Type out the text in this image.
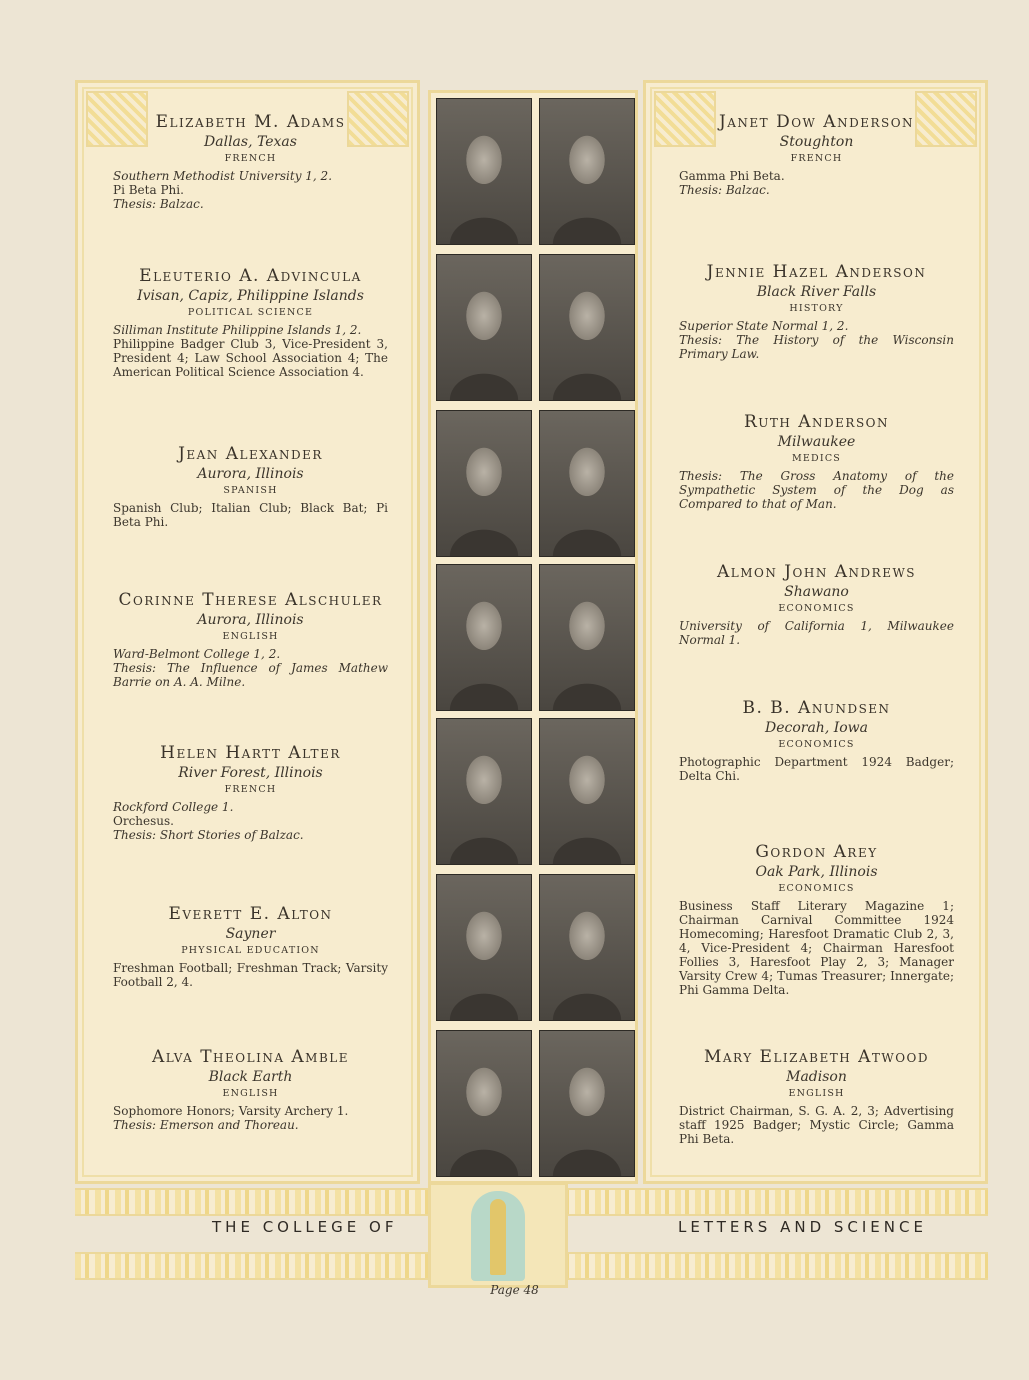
Elizabeth M. Adams
Dallas, Texas
FRENCH
Southern Methodist University 1, 2.
Pi Beta Phi.
Thesis: Balzac.
Eleuterio A. Advincula
Ivisan, Capiz, Philippine Islands
POLITICAL SCIENCE
Silliman Institute Philippine Islands 1, 2.
Philippine Badger Club 3, Vice-President 3, President 4; Law School Association 4; The American Political Science Association 4.
Jean Alexander
Aurora, Illinois
SPANISH
Spanish Club; Italian Club; Black Bat; Pi Beta Phi.
Corinne Therese Alschuler
Aurora, Illinois
ENGLISH
Ward-Belmont College 1, 2.
Thesis: The Influence of James Mathew Barrie on A. A. Milne.
Helen Hartt Alter
River Forest, Illinois
FRENCH
Rockford College 1.
Orchesus.
Thesis: Short Stories of Balzac.
Everett E. Alton
Sayner
PHYSICAL EDUCATION
Freshman Football; Freshman Track; Varsity Football 2, 4.
Alva Theolina Amble
Black Earth
ENGLISH
Sophomore Honors; Varsity Archery 1.
Thesis: Emerson and Thoreau.
Janet Dow Anderson
Stoughton
FRENCH
Gamma Phi Beta.
Thesis: Balzac.
Jennie Hazel Anderson
Black River Falls
HISTORY
Superior State Normal 1, 2.
Thesis: The History of the Wisconsin Primary Law.
Ruth Anderson
Milwaukee
MEDICS
Thesis: The Gross Anatomy of the Sympathetic System of the Dog as Compared to that of Man.
Almon John Andrews
Shawano
ECONOMICS
University of California 1, Milwaukee Normal 1.
B. B. Anundsen
Decorah, Iowa
ECONOMICS
Photographic Department 1924 Badger; Delta Chi.
Gordon Arey
Oak Park, Illinois
ECONOMICS
Business Staff Literary Magazine 1; Chairman Carnival Committee 1924 Homecoming; Haresfoot Dramatic Club 2, 3, 4, Vice-President 4; Chairman Haresfoot Follies 3, Haresfoot Play 2, 3; Manager Varsity Crew 4; Tumas Treasurer; Innergate; Phi Gamma Delta.
Mary Elizabeth Atwood
Madison
ENGLISH
District Chairman, S. G. A. 2, 3; Advertising staff 1925 Badger; Mystic Circle; Gamma Phi Beta.
THE COLLEGE OF	LETTERS AND SCIENCE
Page 48
